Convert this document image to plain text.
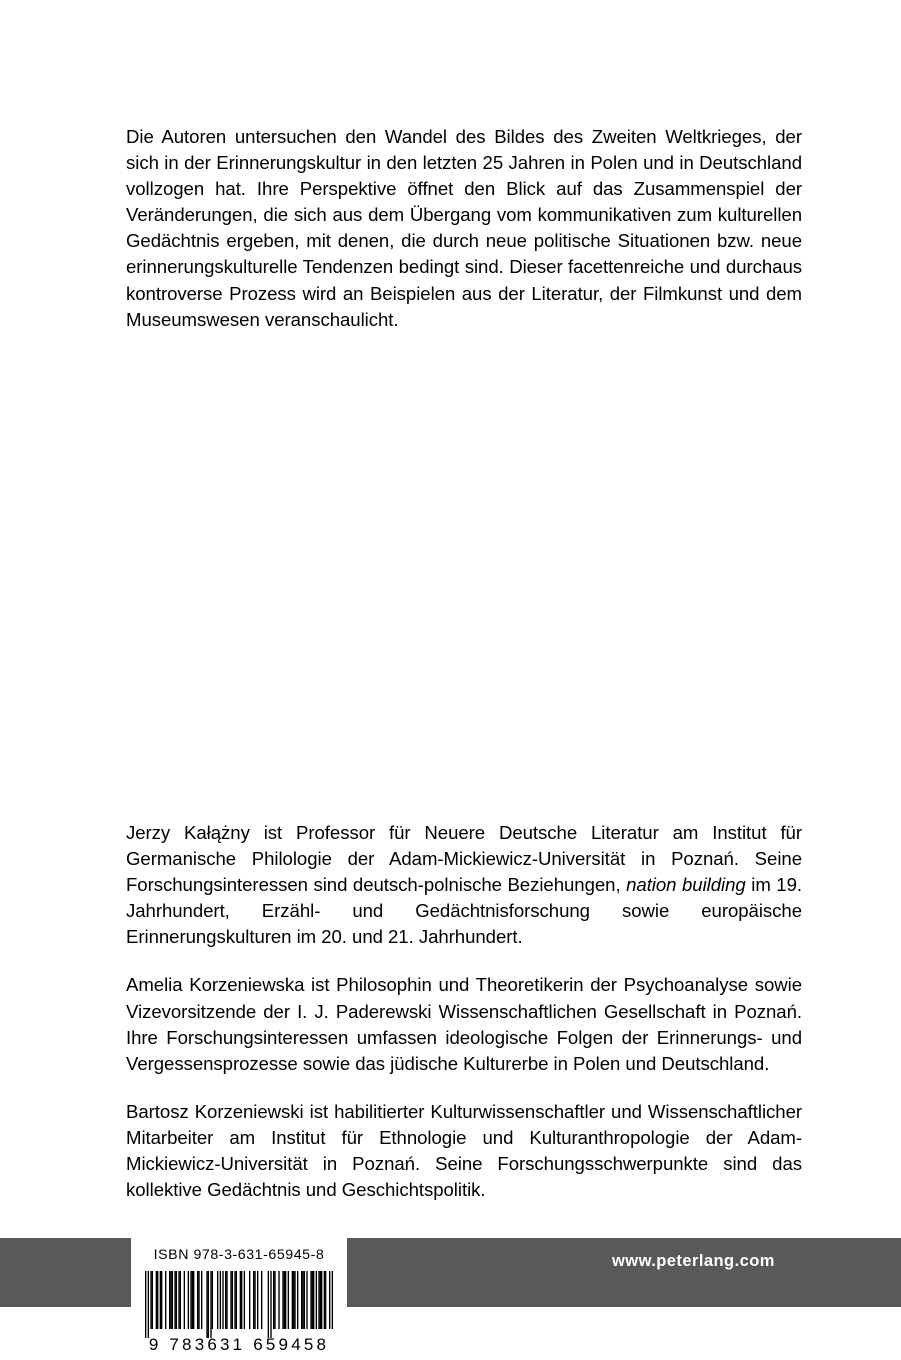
Die Autoren untersuchen den Wandel des Bildes des Zweiten Weltkrieges, der sich in der Erinnerungskultur in den letzten 25 Jahren in Polen und in Deutschland vollzogen hat. Ihre Perspektive öffnet den Blick auf das Zusammenspiel der Veränderungen, die sich aus dem Übergang vom kommunikativen zum kulturellen Gedächtnis ergeben, mit denen, die durch neue politische Situationen bzw. neue erinnerungskulturelle Tendenzen bedingt sind. Dieser facettenreiche und durchaus kontroverse Prozess wird an Beispielen aus der Literatur, der Filmkunst und dem Museumswesen veranschaulicht.

Jerzy Kałążny ist Professor für Neuere Deutsche Literatur am Institut für Germanische Philologie der Adam-Mickiewicz-Universität in Poznań. Seine Forschungsinteressen sind deutsch-polnische Beziehungen, nation building im 19. Jahrhundert, Erzähl- und Gedächtnisforschung sowie europäische Erinnerungskulturen im 20. und 21. Jahrhundert.

Amelia Korzeniewska ist Philosophin und Theoretikerin der Psychoanalyse sowie Vizevorsitzende der I. J. Paderewski Wissenschaftlichen Gesellschaft in Poznań. Ihre Forschungsinteressen umfassen ideologische Folgen der Erinnerungs- und Vergessensprozesse sowie das jüdische Kulturerbe in Polen und Deutschland.

Bartosz Korzeniewski ist habilitierter Kulturwissenschaftler und Wissenschaftlicher Mitarbeiter am Institut für Ethnologie und Kulturanthropologie der Adam-Mickiewicz-Universität in Poznań. Seine Forschungsschwerpunkte sind das kollektive Gedächtnis und Geschichtspolitik.

www.peterlang.com
ISBN 978-3-631-65945-8
9 783631 659458
